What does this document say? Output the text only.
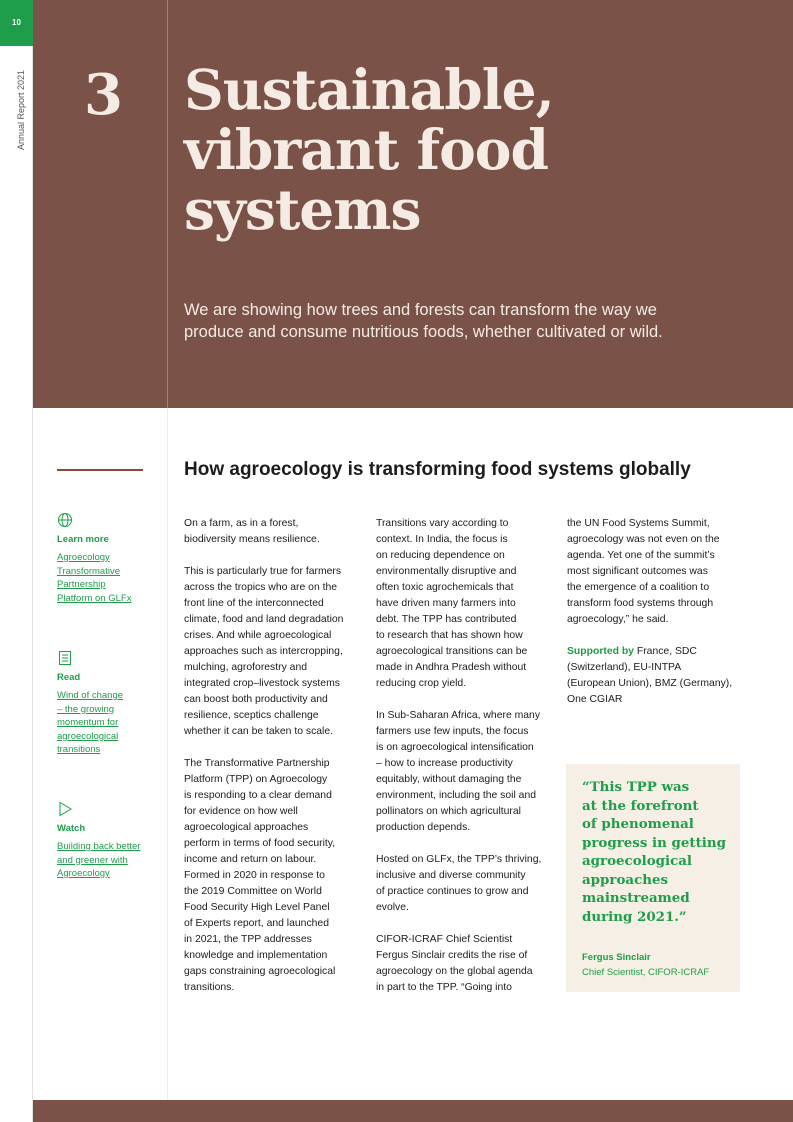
10
Annual Report 2021 3 Sustainable, vibrant food systems

We are showing how trees and forests can transform the way we produce and consume nutritious foods, whether cultivated or wild.

Learn more
Agroecology
Transformative
Partnership
Platform on GLFx
Read
Wind of change
– the growing
momentum for
agroecological
transitions
Watch
Building back better
and greener with
Agroecology
How agroecology is transforming food systems globally

On a farm, as in a forest,
biodiversity means resilience.

This is particularly true for farmers
across the tropics who are on the
front line of the interconnected
climate, food and land degradation
crises. And while agroecological
approaches such as intercropping,
mulching, agroforestry and
integrated crop–livestock systems
can boost both productivity and
resilience, sceptics challenge
whether it can be taken to scale.

The Transformative Partnership
Platform (TPP) on Agroecology
is responding to a clear demand
for evidence on how well
agroecological approaches
perform in terms of food security,
income and return on labour.
Formed in 2020 in response to
the 2019 Committee on World
Food Security High Level Panel
of Experts report, and launched
in 2021, the TPP addresses
knowledge and implementation
gaps constraining agroecological
transitions.

Transitions vary according to
context. In India, the focus is
on reducing dependence on
environmentally disruptive and
often toxic agrochemicals that
have driven many farmers into
debt. The TPP has contributed
to research that has shown how
agroecological transitions can be
made in Andhra Pradesh without
reducing crop yield.

In Sub-Saharan Africa, where many
farmers use few inputs, the focus
is on agroecological intensification
– how to increase productivity
equitably, without damaging the
environment, including the soil and
pollinators on which agricultural
production depends.

Hosted on GLFx, the TPP’s thriving,
inclusive and diverse community
of practice continues to grow and
evolve.

CIFOR-ICRAF Chief Scientist
Fergus Sinclair credits the rise of
agroecology on the global agenda
in part to the TPP. “Going into

the UN Food Systems Summit,
agroecology was not even on the
agenda. Yet one of the summit’s
most significant outcomes was
the emergence of a coalition to
transform food systems through
agroecology,” he said.

Supported by France, SDC
(Switzerland), EU-INTPA
(European Union), BMZ (Germany),
One CGIAR

“This TPP was
at the forefront
of phenomenal
progress in getting
agroecological
approaches
mainstreamed
during 2021.”

Fergus Sinclair
Chief Scientist, CIFOR-ICRAF
